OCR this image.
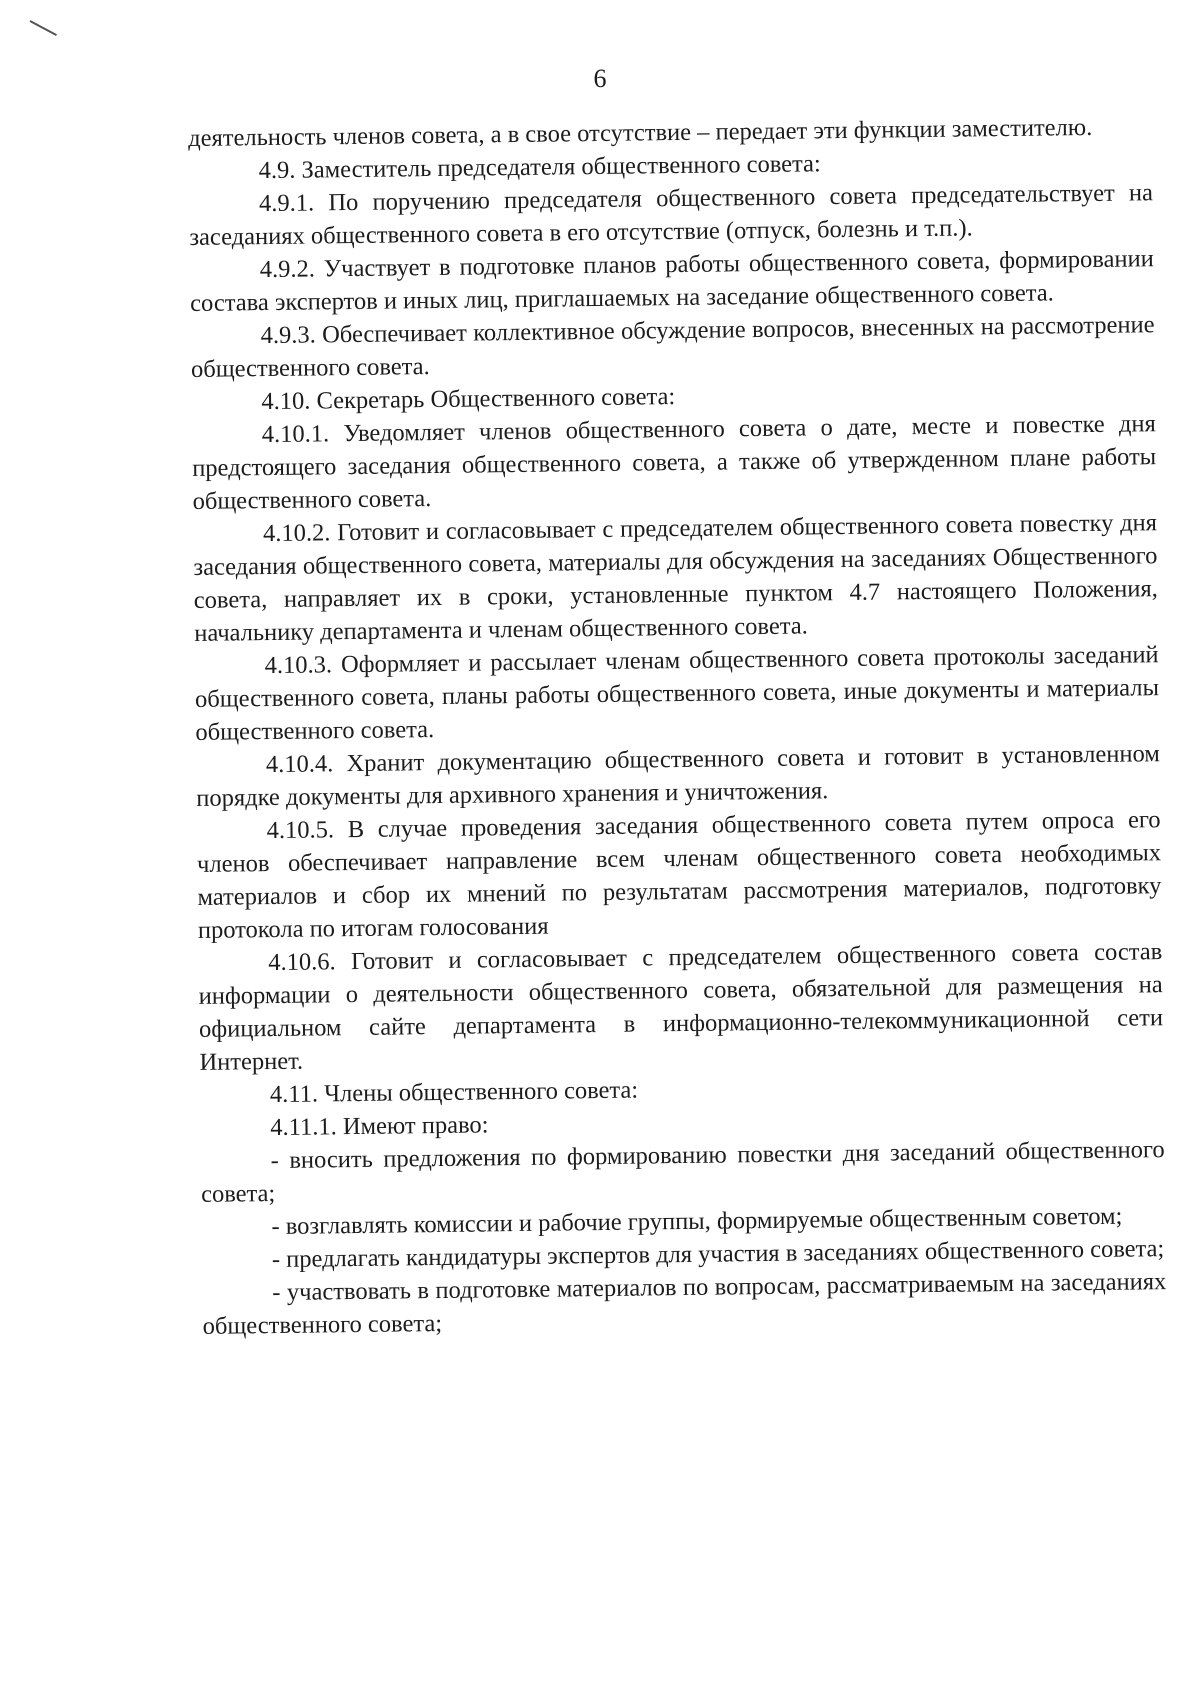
6

деятельность членов совета, а в свое отсутствие – передает эти функции заместителю.

4.9. Заместитель председателя общественного совета:

4.9.1. По поручению председателя общественного совета председательствует на заседаниях общественного совета в его отсутствие (отпуск, болезнь и т.п.).

4.9.2. Участвует в подготовке планов работы общественного совета, формировании состава экспертов и иных лиц, приглашаемых на заседание общественного совета.

4.9.3. Обеспечивает коллективное обсуждение вопросов, внесенных на рассмотрение общественного совета.

4.10. Секретарь Общественного совета:

4.10.1. Уведомляет членов общественного совета о дате, месте и повестке дня предстоящего заседания общественного совета, а также об утвержденном плане работы общественного совета.

4.10.2. Готовит и согласовывает с председателем общественного совета повестку дня заседания общественного совета, материалы для обсуждения на заседаниях Общественного совета, направляет их в сроки, установленные пунктом 4.7 настоящего Положения, начальнику департамента и членам общественного совета.

4.10.3. Оформляет и рассылает членам общественного совета протоколы заседаний общественного совета, планы работы общественного совета, иные документы и материалы общественного совета.

4.10.4. Хранит документацию общественного совета и готовит в установленном порядке документы для архивного хранения и уничтожения.

4.10.5. В случае проведения заседания общественного совета путем опроса его членов обеспечивает направление всем членам общественного совета необходимых материалов и сбор их мнений по результатам рассмотрения материалов, подготовку протокола по итогам голосования

4.10.6. Готовит и согласовывает с председателем общественного совета состав информации о деятельности общественного совета, обязательной для размещения на официальном сайте департамента в информационно-телекоммуникационной сети Интернет.

4.11. Члены общественного совета:

4.11.1. Имеют право:

- вносить предложения по формированию повестки дня заседаний общественного совета;

- возглавлять комиссии и рабочие группы, формируемые общественным советом;

- предлагать кандидатуры экспертов для участия в заседаниях общественного совета;

- участвовать в подготовке материалов по вопросам, рассматриваемым на заседаниях общественного совета;
